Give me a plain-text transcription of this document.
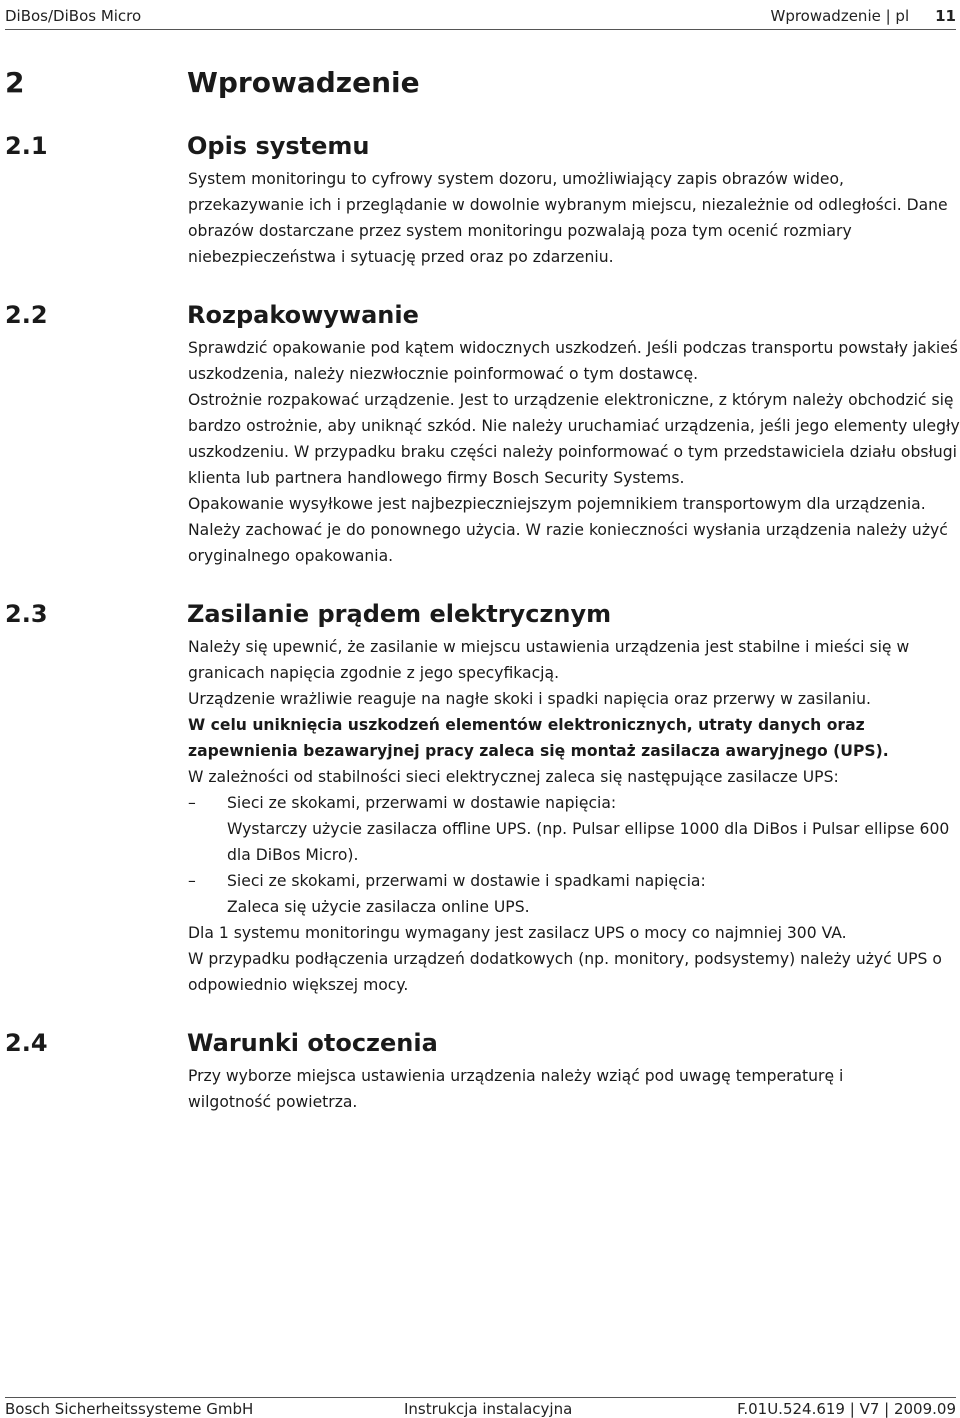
DiBos/DiBos Micro	Wprowadzenie | pl 11
2	Wprowadzenie
2.1	Opis systemu

System monitoringu to cyfrowy system dozoru, umożliwiający zapis obrazów wideo, przekazywanie ich i przeglądanie w dowolnie wybranym miejscu, niezależnie od odległości. Dane obrazów dostarczane przez system monitoringu pozwalają poza tym ocenić rozmiary niebezpieczeństwa i sytuację przed oraz po zdarzeniu.

2.2	Rozpakowywanie

Sprawdzić opakowanie pod kątem widocznych uszkodzeń. Jeśli podczas transportu powstały jakieś uszkodzenia, należy niezwłocznie poinformować o tym dostawcę.

Ostrożnie rozpakować urządzenie. Jest to urządzenie elektroniczne, z którym należy obchodzić się bardzo ostrożnie, aby uniknąć szkód. Nie należy uruchamiać urządzenia, jeśli jego elementy uległy uszkodzeniu. W przypadku braku części należy poinformować o tym przedstawiciela działu obsługi klienta lub partnera handlowego firmy Bosch Security Systems.

Opakowanie wysyłkowe jest najbezpieczniejszym pojemnikiem transportowym dla urządzenia. Należy zachować je do ponownego użycia. W razie konieczności wysłania urządzenia należy użyć oryginalnego opakowania.

2.3	Zasilanie prądem elektrycznym

Należy się upewnić, że zasilanie w miejscu ustawienia urządzenia jest stabilne i mieści się w granicach napięcia zgodnie z jego specyfikacją.

Urządzenie wrażliwie reaguje na nagłe skoki i spadki napięcia oraz przerwy w zasilaniu.

W celu uniknięcia uszkodzeń elementów elektronicznych, utraty danych oraz zapewnienia bezawaryjnej pracy zaleca się montaż zasilacza awaryjnego (UPS).

W zależności od stabilności sieci elektrycznej zaleca się następujące zasilacze UPS:

– Sieci ze skokami, przerwami w dostawie napięcia:
Wystarczy użycie zasilacza offline UPS. (np. Pulsar ellipse 1000 dla DiBos i Pulsar ellipse 600 dla DiBos Micro).
– Sieci ze skokami, przerwami w dostawie i spadkami napięcia:
Zaleca się użycie zasilacza online UPS.

Dla 1 systemu monitoringu wymagany jest zasilacz UPS o mocy co najmniej 300 VA.

W przypadku podłączenia urządzeń dodatkowych (np. monitory, podsystemy) należy użyć UPS o odpowiednio większej mocy.

2.4	Warunki otoczenia

Przy wyborze miejsca ustawienia urządzenia należy wziąć pod uwagę temperaturę i wilgotność powietrza.

Bosch Sicherheitssysteme GmbH	Instrukcja instalacyjna	F.01U.524.619 | V7 | 2009.09
